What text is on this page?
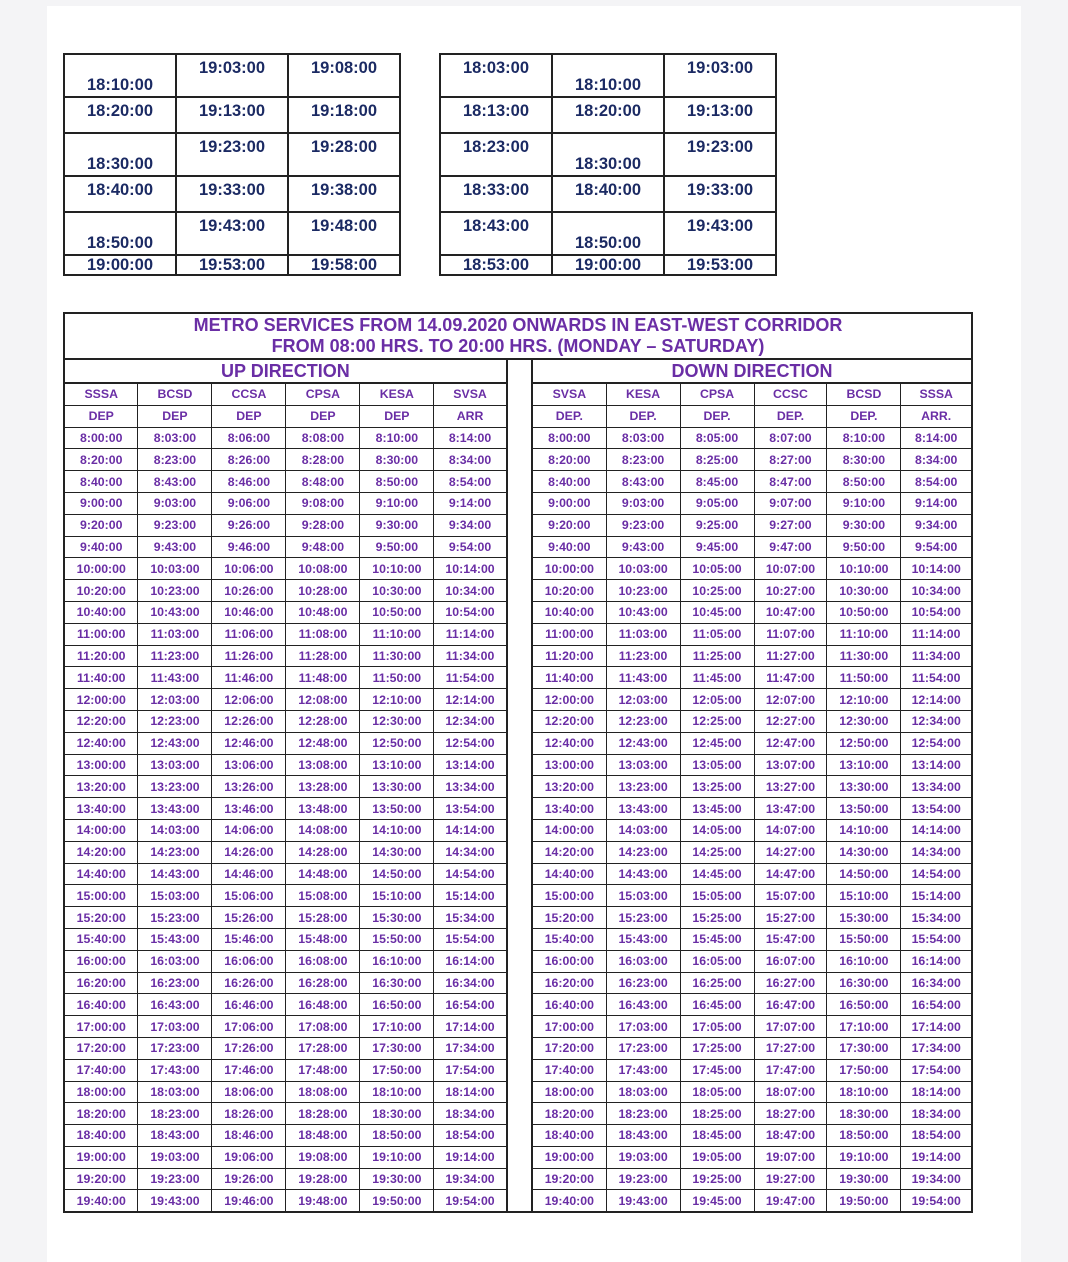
18:10:00	19:03:00	19:08:00
18:20:00	19:13:00	19:18:00
18:30:00	19:23:00	19:28:00
18:40:00	19:33:00	19:38:00
18:50:00	19:43:00	19:48:00
19:00:00	19:53:00	19:58:00
18:03:00	18:10:00	19:03:00
18:13:00	18:20:00	19:13:00
18:23:00	18:30:00	19:23:00
18:33:00	18:40:00	19:33:00
18:43:00	18:50:00	19:43:00
18:53:00	19:00:00	19:53:00
METRO SERVICES FROM 14.09.2020 ONWARDS IN EAST-WEST CORRIDOR
FROM 08:00 HRS. TO 20:00 HRS. (MONDAY – SATURDAY)												

UP DIRECTION							DOWN DIRECTION					
SSSA	BCSD	CCSA	CPSA	KESA	SVSA		SVSA	KESA	CPSA	CCSC	BCSD	SSSA
DEP	DEP	DEP	DEP	DEP	ARR		DEP.	DEP.	DEP.	DEP.	DEP.	ARR.
8:00:00	8:03:00	8:06:00	8:08:00	8:10:00	8:14:00		8:00:00	8:03:00	8:05:00	8:07:00	8:10:00	8:14:00
8:20:00	8:23:00	8:26:00	8:28:00	8:30:00	8:34:00		8:20:00	8:23:00	8:25:00	8:27:00	8:30:00	8:34:00
8:40:00	8:43:00	8:46:00	8:48:00	8:50:00	8:54:00		8:40:00	8:43:00	8:45:00	8:47:00	8:50:00	8:54:00
9:00:00	9:03:00	9:06:00	9:08:00	9:10:00	9:14:00		9:00:00	9:03:00	9:05:00	9:07:00	9:10:00	9:14:00
9:20:00	9:23:00	9:26:00	9:28:00	9:30:00	9:34:00		9:20:00	9:23:00	9:25:00	9:27:00	9:30:00	9:34:00
9:40:00	9:43:00	9:46:00	9:48:00	9:50:00	9:54:00		9:40:00	9:43:00	9:45:00	9:47:00	9:50:00	9:54:00
10:00:00	10:03:00	10:06:00	10:08:00	10:10:00	10:14:00		10:00:00	10:03:00	10:05:00	10:07:00	10:10:00	10:14:00
10:20:00	10:23:00	10:26:00	10:28:00	10:30:00	10:34:00		10:20:00	10:23:00	10:25:00	10:27:00	10:30:00	10:34:00
10:40:00	10:43:00	10:46:00	10:48:00	10:50:00	10:54:00		10:40:00	10:43:00	10:45:00	10:47:00	10:50:00	10:54:00
11:00:00	11:03:00	11:06:00	11:08:00	11:10:00	11:14:00		11:00:00	11:03:00	11:05:00	11:07:00	11:10:00	11:14:00
11:20:00	11:23:00	11:26:00	11:28:00	11:30:00	11:34:00		11:20:00	11:23:00	11:25:00	11:27:00	11:30:00	11:34:00
11:40:00	11:43:00	11:46:00	11:48:00	11:50:00	11:54:00		11:40:00	11:43:00	11:45:00	11:47:00	11:50:00	11:54:00
12:00:00	12:03:00	12:06:00	12:08:00	12:10:00	12:14:00		12:00:00	12:03:00	12:05:00	12:07:00	12:10:00	12:14:00
12:20:00	12:23:00	12:26:00	12:28:00	12:30:00	12:34:00		12:20:00	12:23:00	12:25:00	12:27:00	12:30:00	12:34:00
12:40:00	12:43:00	12:46:00	12:48:00	12:50:00	12:54:00		12:40:00	12:43:00	12:45:00	12:47:00	12:50:00	12:54:00
13:00:00	13:03:00	13:06:00	13:08:00	13:10:00	13:14:00		13:00:00	13:03:00	13:05:00	13:07:00	13:10:00	13:14:00
13:20:00	13:23:00	13:26:00	13:28:00	13:30:00	13:34:00		13:20:00	13:23:00	13:25:00	13:27:00	13:30:00	13:34:00
13:40:00	13:43:00	13:46:00	13:48:00	13:50:00	13:54:00		13:40:00	13:43:00	13:45:00	13:47:00	13:50:00	13:54:00
14:00:00	14:03:00	14:06:00	14:08:00	14:10:00	14:14:00		14:00:00	14:03:00	14:05:00	14:07:00	14:10:00	14:14:00
14:20:00	14:23:00	14:26:00	14:28:00	14:30:00	14:34:00		14:20:00	14:23:00	14:25:00	14:27:00	14:30:00	14:34:00
14:40:00	14:43:00	14:46:00	14:48:00	14:50:00	14:54:00		14:40:00	14:43:00	14:45:00	14:47:00	14:50:00	14:54:00
15:00:00	15:03:00	15:06:00	15:08:00	15:10:00	15:14:00		15:00:00	15:03:00	15:05:00	15:07:00	15:10:00	15:14:00
15:20:00	15:23:00	15:26:00	15:28:00	15:30:00	15:34:00		15:20:00	15:23:00	15:25:00	15:27:00	15:30:00	15:34:00
15:40:00	15:43:00	15:46:00	15:48:00	15:50:00	15:54:00		15:40:00	15:43:00	15:45:00	15:47:00	15:50:00	15:54:00
16:00:00	16:03:00	16:06:00	16:08:00	16:10:00	16:14:00		16:00:00	16:03:00	16:05:00	16:07:00	16:10:00	16:14:00
16:20:00	16:23:00	16:26:00	16:28:00	16:30:00	16:34:00		16:20:00	16:23:00	16:25:00	16:27:00	16:30:00	16:34:00
16:40:00	16:43:00	16:46:00	16:48:00	16:50:00	16:54:00		16:40:00	16:43:00	16:45:00	16:47:00	16:50:00	16:54:00
17:00:00	17:03:00	17:06:00	17:08:00	17:10:00	17:14:00		17:00:00	17:03:00	17:05:00	17:07:00	17:10:00	17:14:00
17:20:00	17:23:00	17:26:00	17:28:00	17:30:00	17:34:00		17:20:00	17:23:00	17:25:00	17:27:00	17:30:00	17:34:00
17:40:00	17:43:00	17:46:00	17:48:00	17:50:00	17:54:00		17:40:00	17:43:00	17:45:00	17:47:00	17:50:00	17:54:00
18:00:00	18:03:00	18:06:00	18:08:00	18:10:00	18:14:00		18:00:00	18:03:00	18:05:00	18:07:00	18:10:00	18:14:00
18:20:00	18:23:00	18:26:00	18:28:00	18:30:00	18:34:00		18:20:00	18:23:00	18:25:00	18:27:00	18:30:00	18:34:00
18:40:00	18:43:00	18:46:00	18:48:00	18:50:00	18:54:00		18:40:00	18:43:00	18:45:00	18:47:00	18:50:00	18:54:00
19:00:00	19:03:00	19:06:00	19:08:00	19:10:00	19:14:00		19:00:00	19:03:00	19:05:00	19:07:00	19:10:00	19:14:00
19:20:00	19:23:00	19:26:00	19:28:00	19:30:00	19:34:00		19:20:00	19:23:00	19:25:00	19:27:00	19:30:00	19:34:00
19:40:00	19:43:00	19:46:00	19:48:00	19:50:00	19:54:00		19:40:00	19:43:00	19:45:00	19:47:00	19:50:00	19:54:00
